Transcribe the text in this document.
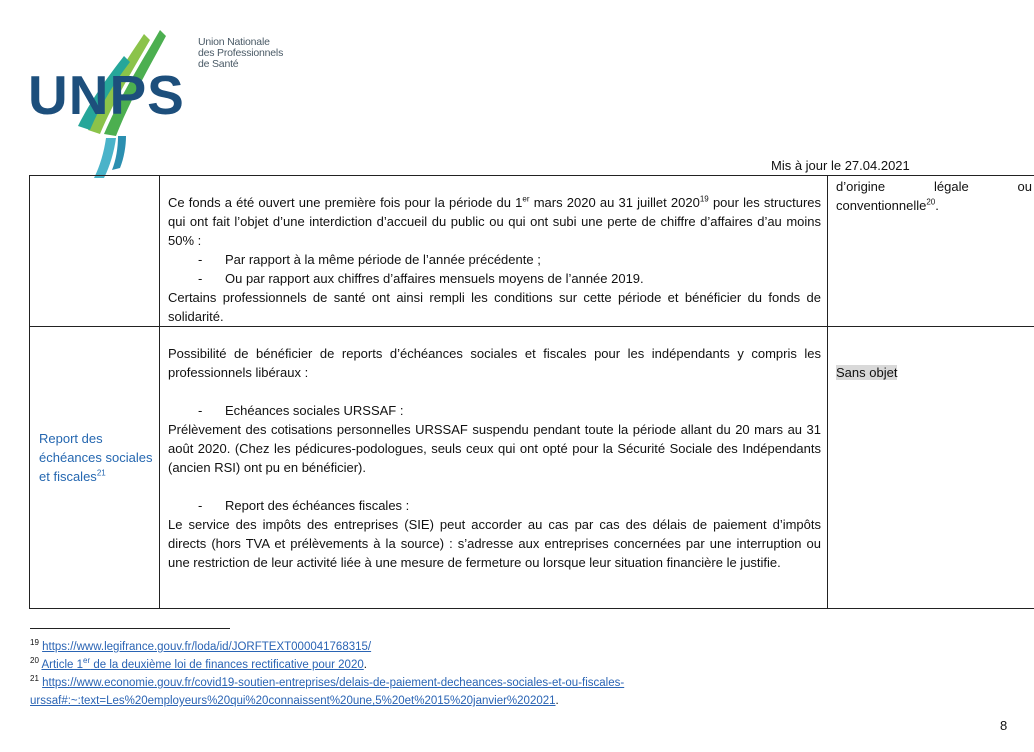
Union Nationale
des Professionnels
de Santé
UNPS
Mis à jour le 27.04.2021

	Ce fonds a été ouvert une première fois pour la période du 1er mars 2020 au 31 juillet 2020$^{19}$ pour les structures qui ont fait l’objet d’une interdiction d’accueil du public ou qui ont subi une perte de chiffre d’affaires d’au moins 50% :
- Par rapport à la même période de l’année précédente ;
- Ou par rapport aux chiffres d’affaires mensuels moyens de l’année 2019.
Certains professionnels de santé ont ainsi rempli les conditions sur cette période et bénéficier du fonds de solidarité.	d’origine légale ou conventionnelle$^{20}$.
Report des échéances sociales et fiscales$^{21}$	Possibilité de bénéficier de reports d’échéances sociales et fiscales pour les indépendants y compris les professionnels libéraux :
- Echéances sociales URSSAF :
Prélèvement des cotisations personnelles URSSAF suspendu pendant toute la période allant du 20 mars au 31 août 2020. (Chez les pédicures-podologues, seuls ceux qui ont opté pour la Sécurité Sociale des Indépendants (ancien RSI) ont pu en bénéficier).
- Report des échéances fiscales :
Le service des impôts des entreprises (SIE) peut accorder au cas par cas des délais de paiement d’impôts directs (hors TVA et prélèvements à la source) : s’adresse aux entreprises concernées par une interruption ou une restriction de leur activité liée à une mesure de fermeture ou lorsque leur situation financière le justifie.	Sans objet
$^{19}$ https://www.legifrance.gouv.fr/loda/id/JORFTEXT000041768315/
$^{20}$ Article 1er de la deuxième loi de finances rectificative pour 2020.
$^{21}$ https://www.economie.gouv.fr/covid19-soutien-entreprises/delais-de-paiement-decheances-sociales-et-ou-fiscales-
urssaf#:~:text=Les%20employeurs%20qui%20connaissent%20une,5%20et%2015%20janvier%202021.
8
